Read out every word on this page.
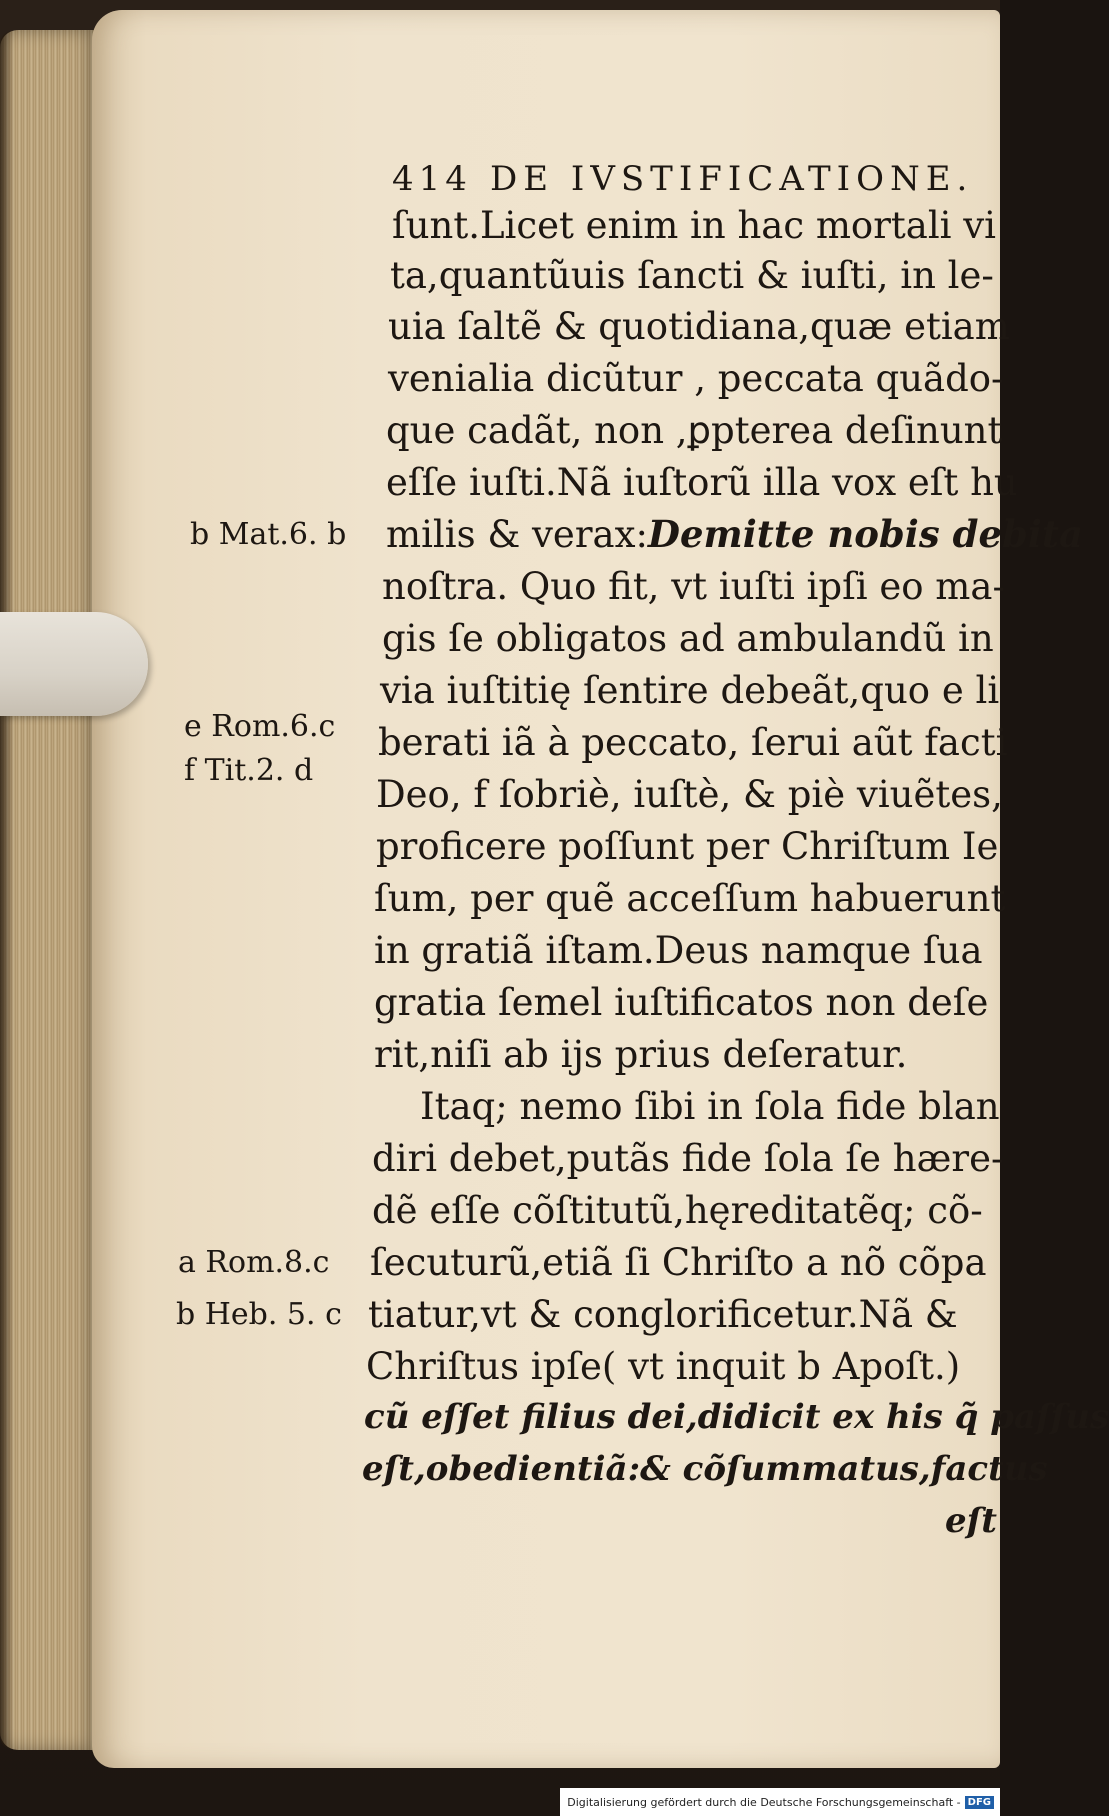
414 DE IVSTIFICATIONE.
ſunt.Licet enim in hac mortali vi
ta,quantũuis ſancti & iuſti, in le-
uia ſaltẽ & quotidiana,quæ etiam
venialia dicũtur , peccata quãdo-
que cadãt, non ,ꝑpterea deſinunt
eſſe iuſti.Nã iuſtorũ illa vox eſt hu
milis & verax:Demitte nobis debita
noſtra. Quo fit, vt iuſti ipſi eo ma-
gis ſe obligatos ad ambulandũ in
via iuſtitię ſentire debeãt,quo e li
berati iã à peccato, ſerui aũt facti
Deo, f ſobriè, iuſtè, & piè viuẽtes,
proficere poſſunt per Chriſtum Ie
ſum, per quẽ acceſſum habuerunt
in gratiã iſtam.Deus namque ſua
gratia ſemel iuſtificatos non deſe
rit,niſi ab ijs prius deſeratur.
Itaq; nemo ſibi in ſola fide blan
diri debet,putãs fide ſola ſe hære-
dẽ eſſe cõſtitutũ,hęreditatẽq; cõ-
ſecuturũ,etiã ſi Chriſto a nõ cõpa
tiatur,vt & conglorificetur.Nã &
Chriſtus ipſe( vt inquit b Apoſt.)
cũ eſſet filius dei,didicit ex his q̃ paſſus
eſt,obedientiã:& cõſummatus,factus
eſt
b Mat.6. b
e Rom.6.c
f Tit.2. d
a Rom.8.c
b Heb. 5. c
Digitalisierung gefördert durch die Deutsche Forschungsgemeinschaft - DFG
